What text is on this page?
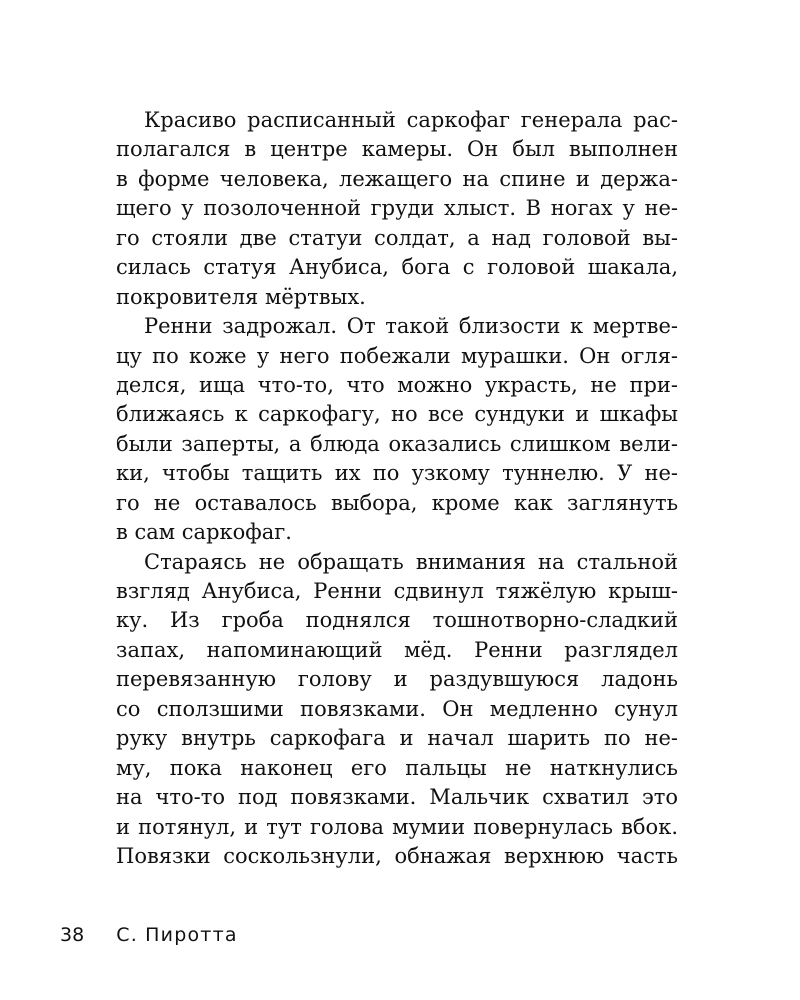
Красиво расписанный саркофаг генерала рас-
полагался в центре камеры. Он был выполнен
в форме человека, лежащего на спине и держа-
щего у позолоченной груди хлыст. В ногах у не-
го стояли две статуи солдат, а над головой вы-
силась статуя Анубиса, бога с головой шакала,
покровителя мёртвых.
Ренни задрожал. От такой близости к мертве-
цу по коже у него побежали мурашки. Он огля-
делся, ища что-то, что можно украсть, не при-
ближаясь к саркофагу, но все сундуки и шкафы
были заперты, а блюда оказались слишком вели-
ки, чтобы тащить их по узкому туннелю. У не-
го не оставалось выбора, кроме как заглянуть
в сам саркофаг.
Стараясь не обращать внимания на стальной
взгляд Анубиса, Ренни сдвинул тяжёлую крыш-
ку. Из гроба поднялся тошнотворно-сладкий
запах, напоминающий мёд. Ренни разглядел
перевязанную голову и раздувшуюся ладонь
со сползшими повязками. Он медленно сунул
руку внутрь саркофага и начал шарить по не-
му, пока наконец его пальцы не наткнулись
на что-то под повязками. Мальчик схватил это
и потянул, и тут голова мумии повернулась вбок.
Повязки соскользнули, обнажая верхнюю часть
38 С. Пиротта
